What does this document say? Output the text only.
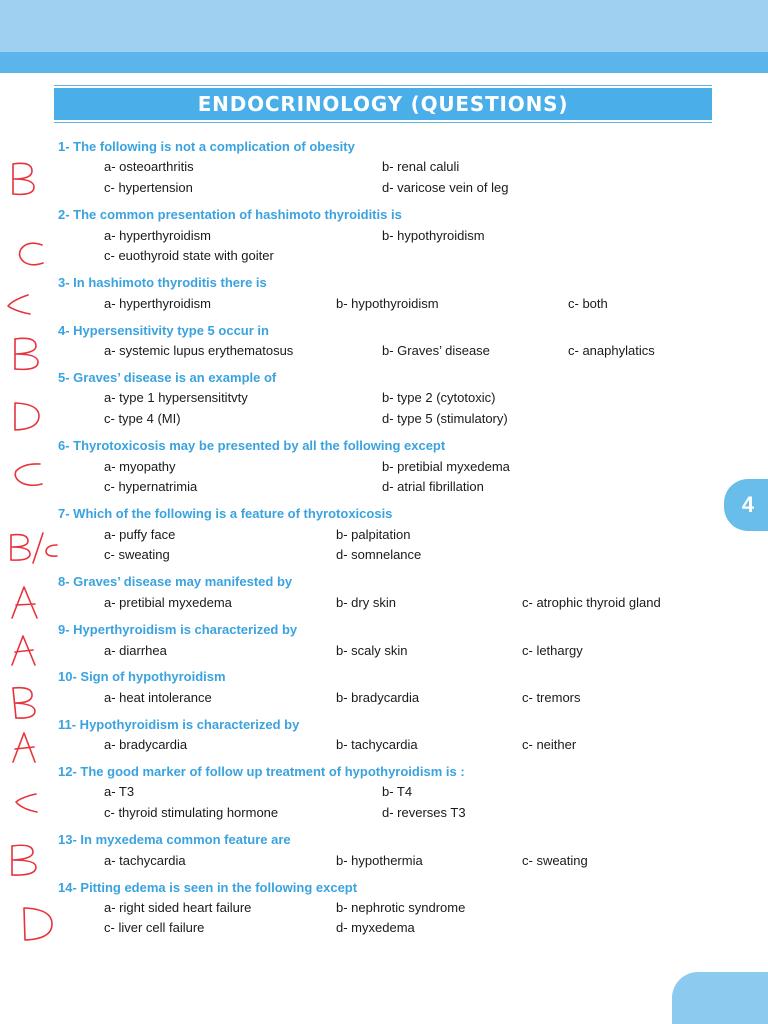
ENDOCRINOLOGY (QUESTIONS)
1- The following is not a complication of obesity
a- osteoarthritis	b- renal caluli
c- hypertension	d- varicose vein of leg
2- The common presentation of hashimoto thyroiditis is
a- hyperthyroidism	b- hypothyroidism
c- euothyroid state with goiter
3- In hashimoto thyroditis there is
a- hyperthyroidism	b- hypothyroidism	c- both
4- Hypersensitivity type 5 occur in
a- systemic lupus erythematosus	b- Graves’ disease	c- anaphylatics
5- Graves’ disease is an example of
a- type 1 hypersensititvty	b- type 2 (cytotoxic)
c- type 4 (MI)	d- type 5 (stimulatory)
6- Thyrotoxicosis may be presented by all the following except
a- myopathy	b- pretibial myxedema
c- hypernatrimia	d- atrial fibrillation
7- Which of the following is a feature of thyrotoxicosis
a- puffy face	b- palpitation
c- sweating	d- somnelance
8- Graves’ disease may manifested by
a- pretibial myxedema	b- dry skin	c- atrophic thyroid gland
9- Hyperthyroidism is characterized by
a- diarrhea	b- scaly skin	c- lethargy
10- Sign of hypothyroidism
a- heat intolerance	b- bradycardia	c- tremors
11- Hypothyroidism is characterized by
a- bradycardia	b- tachycardia	c- neither
12- The good marker of follow up treatment of hypothyroidism is :
a- T3	b- T4
c- thyroid stimulating hormone	d- reverses T3
13- In myxedema common feature are
a- tachycardia	b- hypothermia	c- sweating
14- Pitting edema is seen in the following except
a- right sided heart failure	b- nephrotic syndrome
c- liver cell failure	d- myxedema
4
